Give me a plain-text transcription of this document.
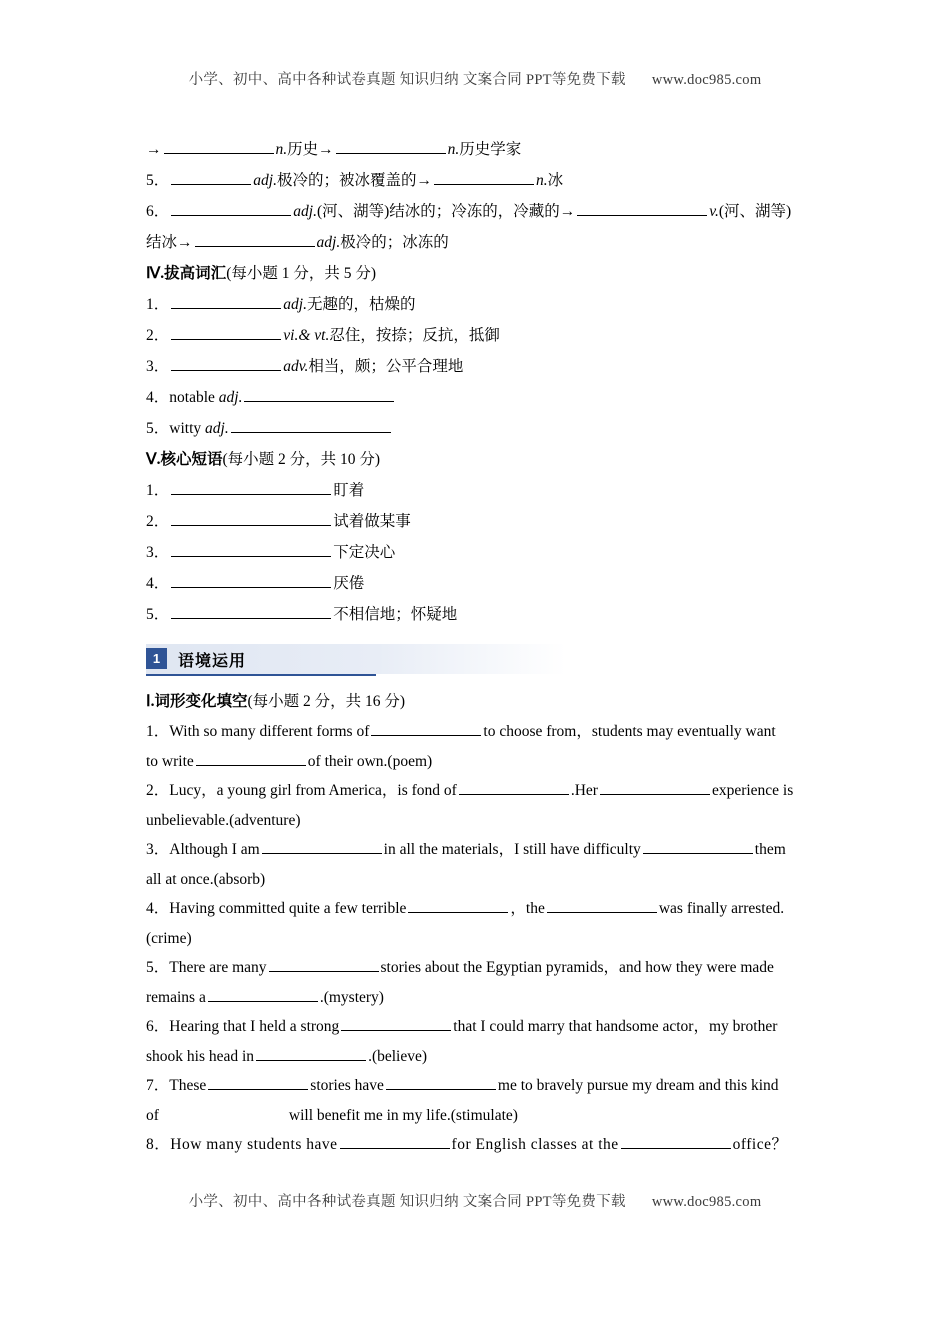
小学、初中、高中各种试卷真题 知识归纳 文案合同 PPT等免费下载 www.doc985.com
→	n.历史→	n.历史学家
5．	adj.极冷的；被冰覆盖的→	n.冰
6．	adj.(河、湖等)结冰的；冷冻的，冷藏的→	v.(河、湖等)
结冰→	adj.极冷的；冰冻的
Ⅳ.拔高词汇(每小题 1 分，共 5 分)
1．	adj.无趣的，枯燥的
2．	vi.& vt.忍住，按捺；反抗，抵御
3．	adv.相当，颇；公平合理地
4．notable adj.
5．witty adj.
Ⅴ.核心短语(每小题 2 分，共 10 分)
1．	盯着
2．	试着做某事
3．	下定决心
4．	厌倦
5．	不相信地；怀疑地
1	语境运用
Ⅰ.词形变化填空(每小题 2 分，共 16 分)
1．With so many different forms of	to choose from，students may eventually want
to write	of their own.(poem)
2．Lucy，a young girl from America，is fond of	.Her	experience is
unbelievable.(adventure)
3．Although I am	in all the materials，I still have difficulty	them
all at once.(absorb)
4．Having committed quite a few terrible	，the	was finally arrested.
(crime)
5．There are many	stories about the Egyptian pyramids，and how they were made
remains a	.(mystery)
6．Hearing that I held a strong	that I could marry that handsome actor，my brother
shook his head in	.(believe)
7．These	stories have	me to bravely pursue my dream and this kind
of	will benefit me in my life.(stimulate)
8．How many students have	for English classes at the	office？
小学、初中、高中各种试卷真题 知识归纳 文案合同 PPT等免费下载 www.doc985.com
